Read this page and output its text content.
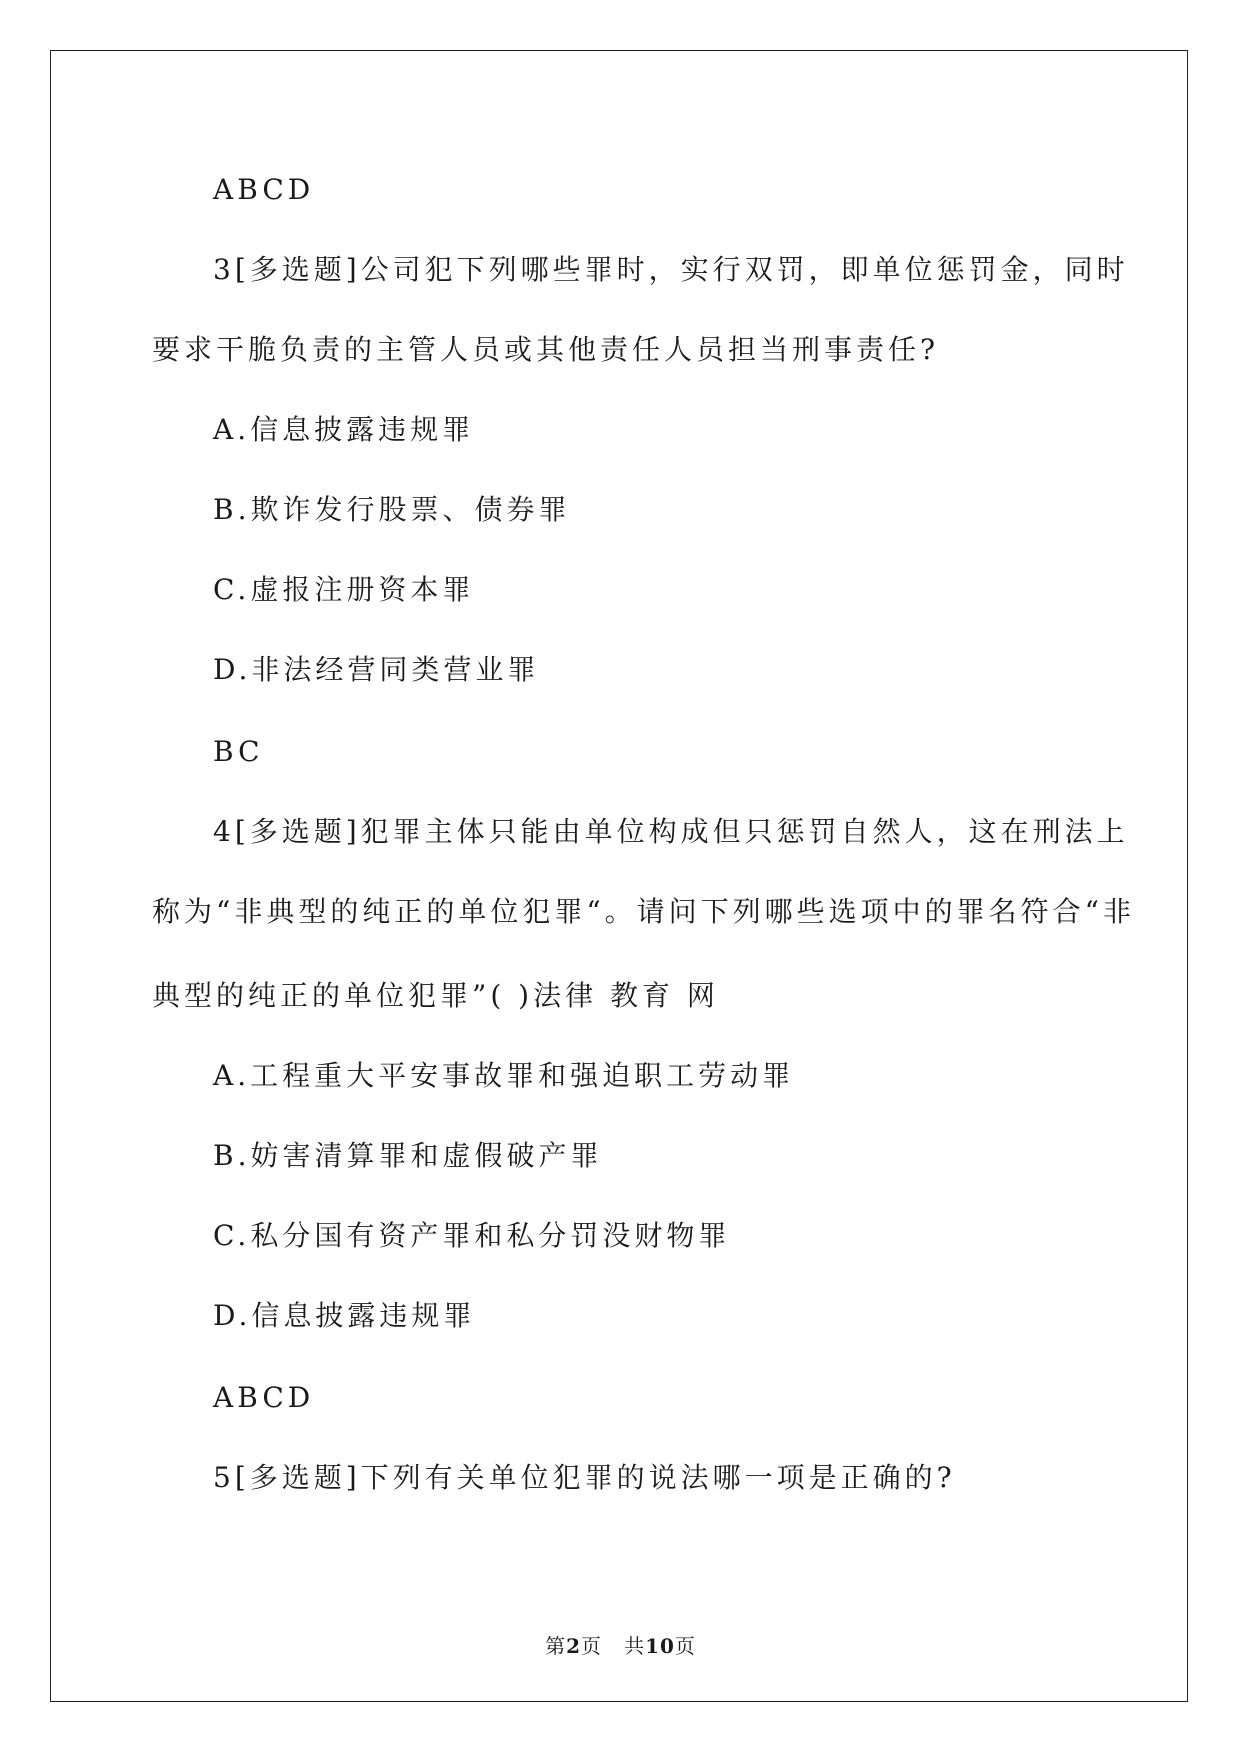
ABCD
3[多选题]公司犯下列哪些罪时，实行双罚，即单位惩罚金，同时
要求干脆负责的主管人员或其他责任人员担当刑事责任?
A.信息披露违规罪
B.欺诈发行股票、债券罪
C.虚报注册资本罪
D.非法经营同类营业罪
BC
4[多选题]犯罪主体只能由单位构成但只惩罚自然人，这在刑法上
称为“非典型的纯正的单位犯罪“。请问下列哪些选项中的罪名符合“非
典型的纯正的单位犯罪”( )法律 教育 网
A.工程重大平安事故罪和强迫职工劳动罪
B.妨害清算罪和虚假破产罪
C.私分国有资产罪和私分罚没财物罪
D.信息披露违规罪
ABCD
5[多选题]下列有关单位犯罪的说法哪一项是正确的?
第2页 共10页
